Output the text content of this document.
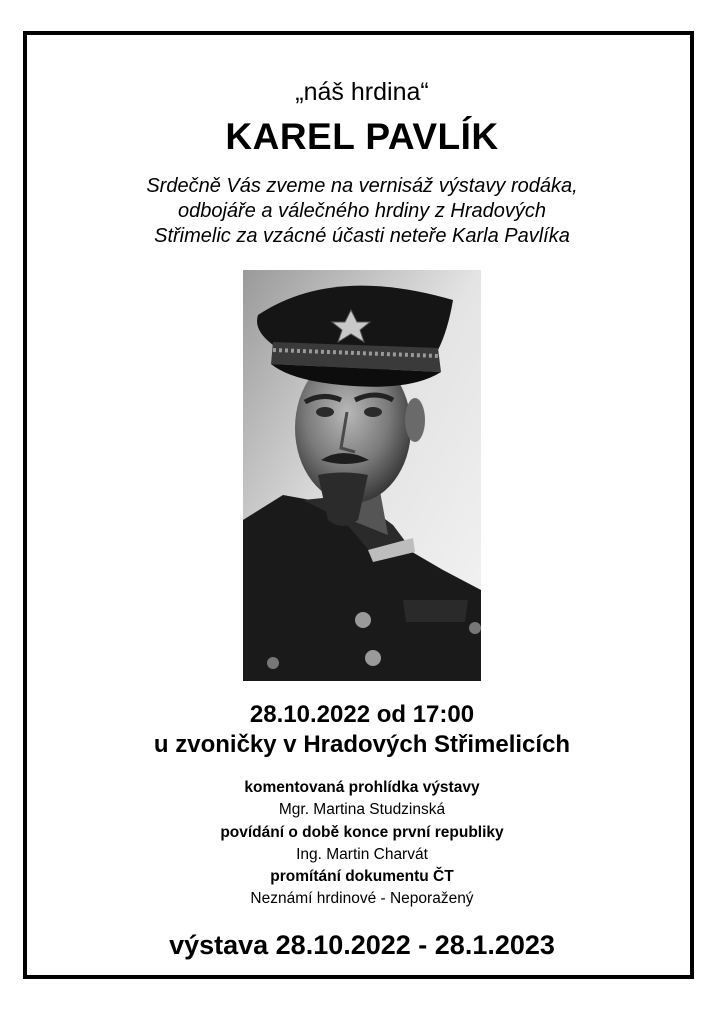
„náš hrdina“
KAREL PAVLÍK
Srdečně Vás zveme na vernisáž výstavy rodáka,
odbojáře a válečného hrdiny z Hradových
Střimelic za vzácné účasti neteře Karla Pavlíka
28.10.2022 od 17:00
u zvoničky v Hradových Střimelicích
komentovaná prohlídka výstavy
Mgr. Martina Studzinská
povídání o době konce první republiky
Ing. Martin Charvát
promítání dokumentu ČT
Neznámí hrdinové - Neporažený
výstava 28.10.2022 - 28.1.2023
